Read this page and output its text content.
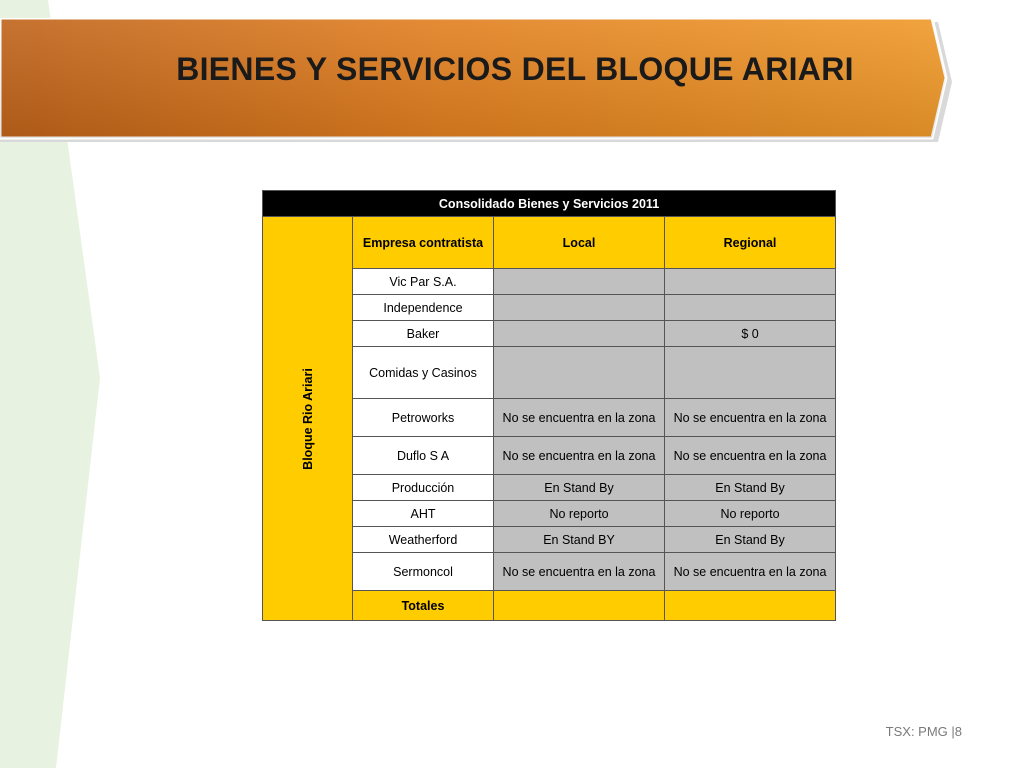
BIENES Y SERVICIOS DEL BLOQUE ARIARI
Consolidado Bienes y Servicios 2011			

Bloque Rio Ariari	Empresa contratista	Local	Regional
	Vic Par S.A.		
	Independence		
	Baker		$ 0
	Comidas y Casinos		
	Petroworks	No se encuentra en la zona	No se encuentra en la zona
	Duflo S A	No se encuentra en la zona	No se encuentra en la zona
	Producción	En Stand By	En Stand By
	AHT	No reporto	No reporto
	Weatherford	En Stand BY	En Stand By
	Sermoncol	No se encuentra en la zona	No se encuentra en la zona
	Totales		
TSX: PMG |8
